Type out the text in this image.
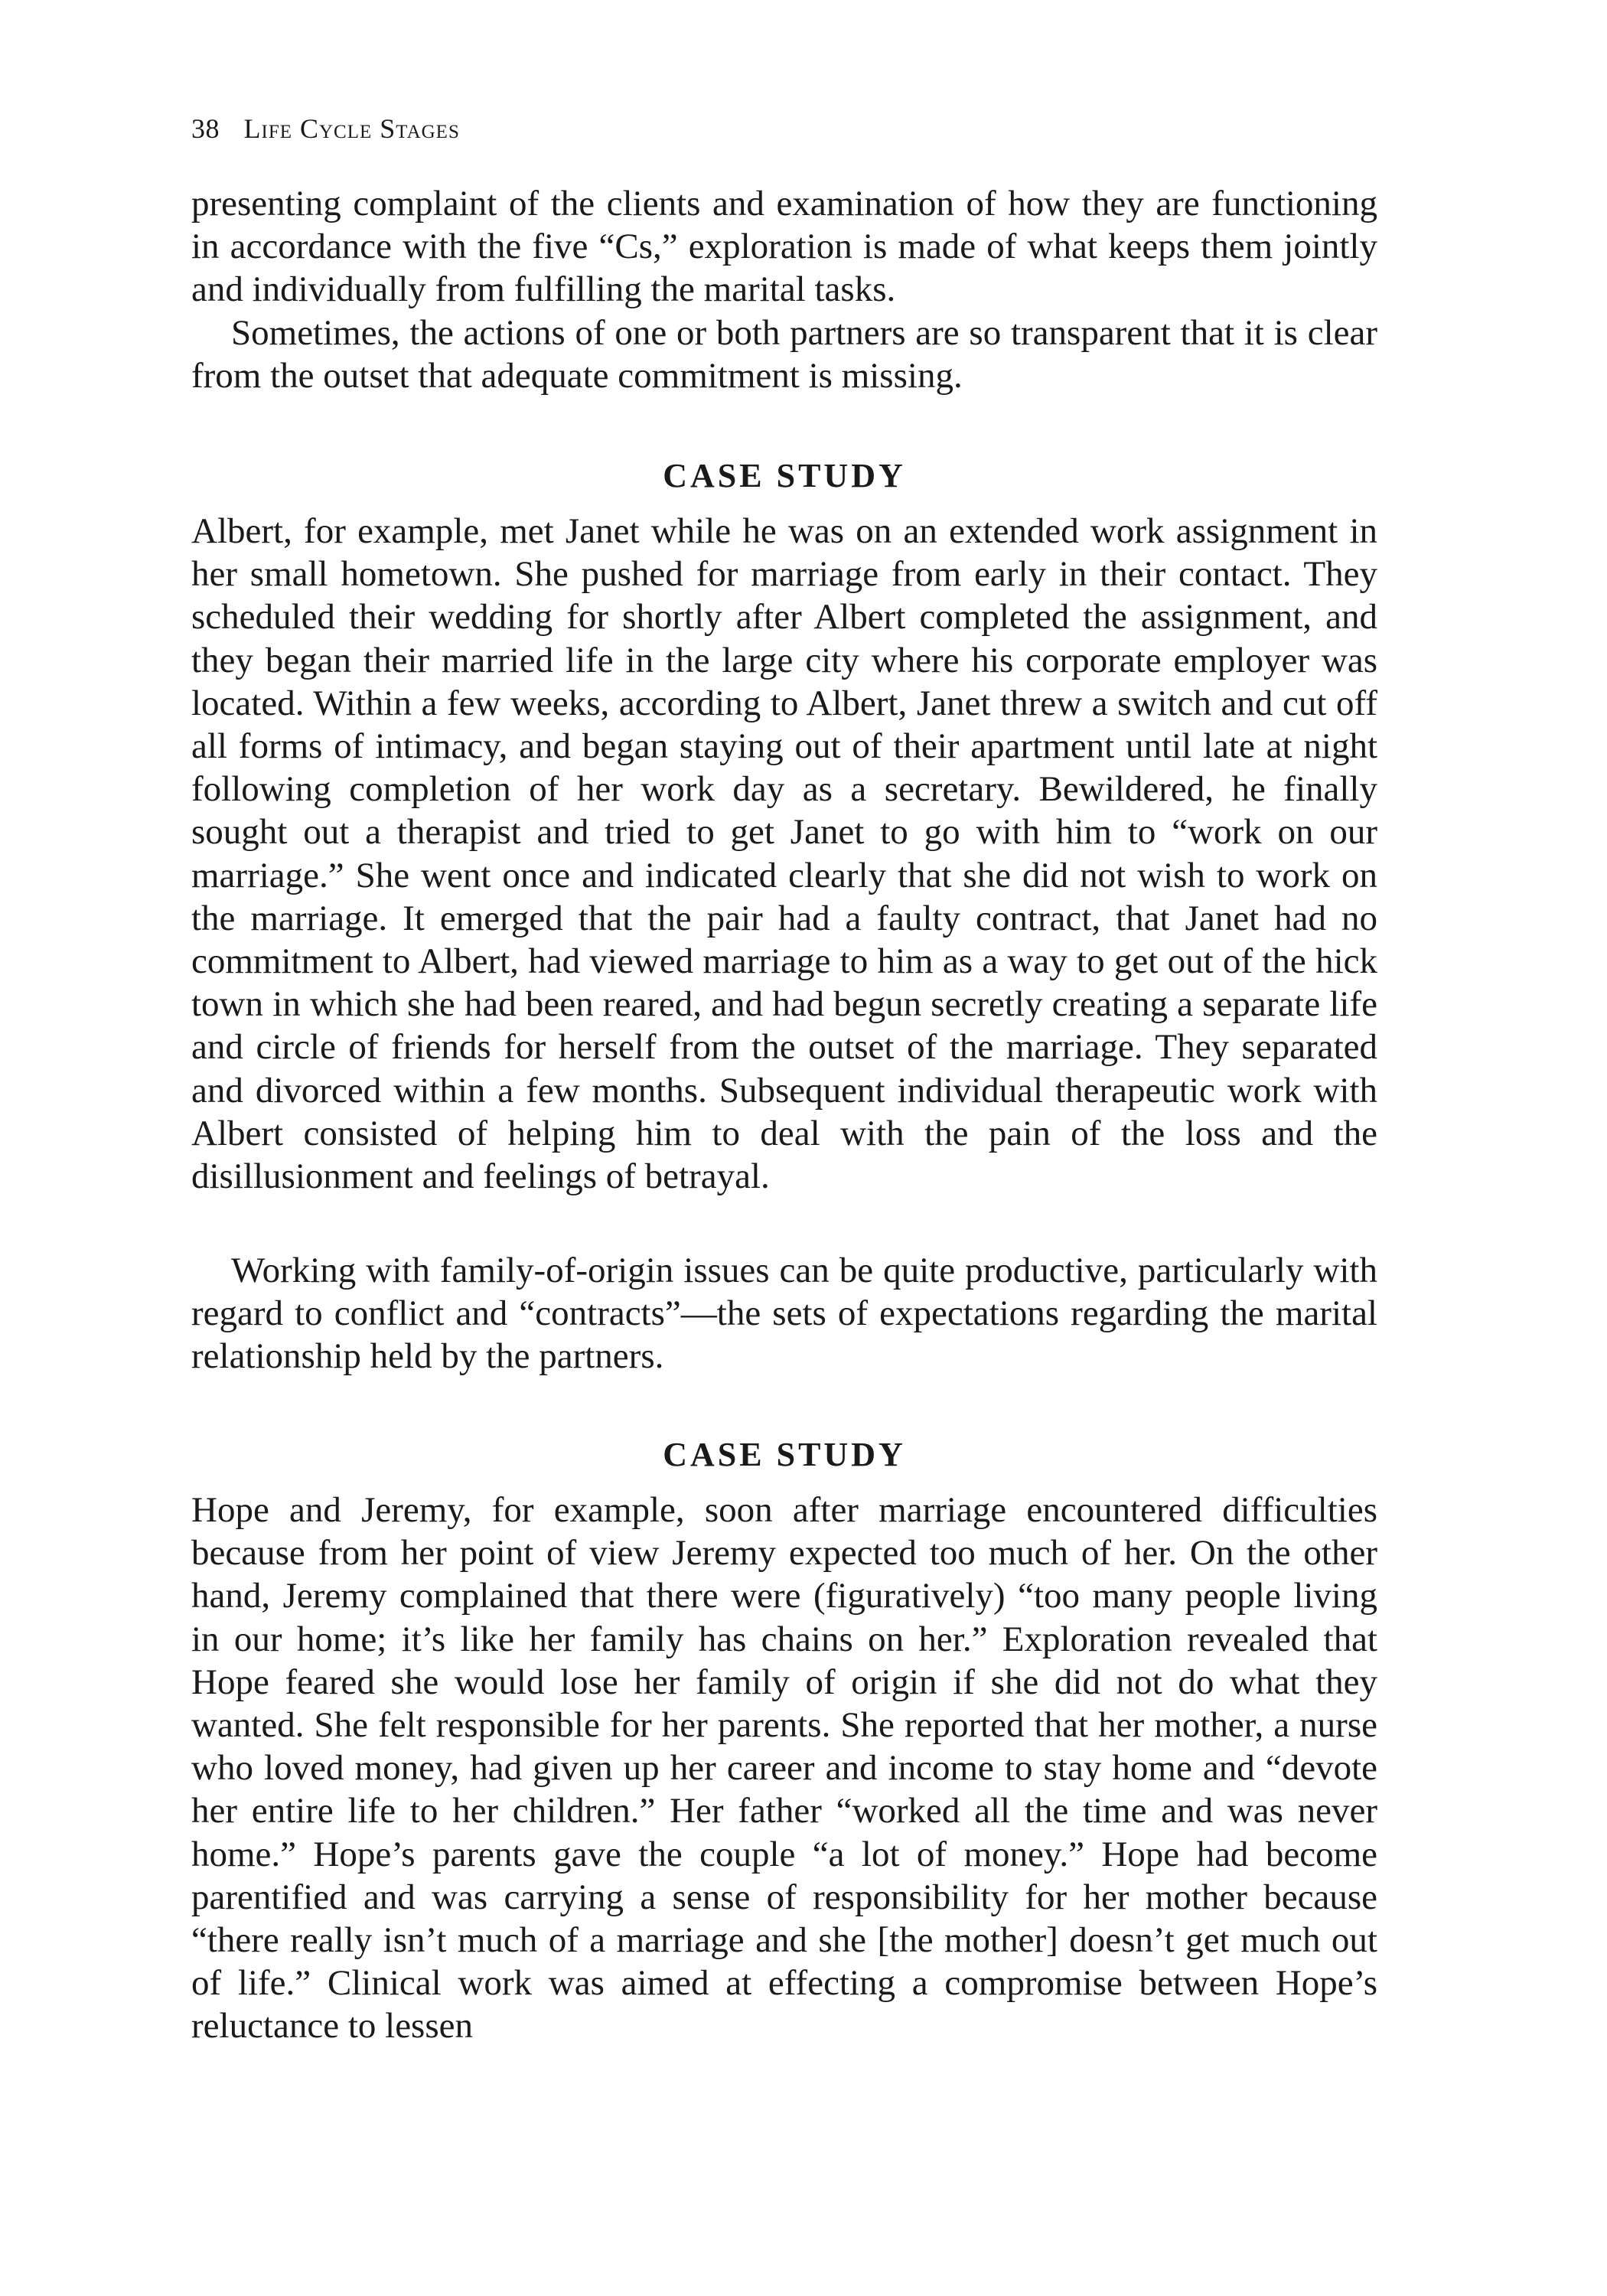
38 Life Cycle Stages

presenting complaint of the clients and examination of how they are functioning in accordance with the five “Cs,” exploration is made of what keeps them jointly and individually from fulfilling the marital tasks.

Sometimes, the actions of one or both partners are so transparent that it is clear from the outset that adequate commitment is missing.

CASE STUDY

Albert, for example, met Janet while he was on an extended work assignment in her small hometown. She pushed for marriage from early in their contact. They scheduled their wedding for shortly after Albert completed the assignment, and they began their married life in the large city where his corporate employer was located. Within a few weeks, according to Albert, Janet threw a switch and cut off all forms of intimacy, and began staying out of their apartment until late at night following completion of her work day as a secretary. Bewildered, he finally sought out a therapist and tried to get Janet to go with him to “work on our marriage.” She went once and indicated clearly that she did not wish to work on the marriage. It emerged that the pair had a faulty contract, that Janet had no commitment to Albert, had viewed marriage to him as a way to get out of the hick town in which she had been reared, and had begun secretly creating a separate life and circle of friends for herself from the outset of the marriage. They separated and divorced within a few months. Subsequent individual therapeutic work with Albert consisted of helping him to deal with the pain of the loss and the disillusionment and feelings of betrayal.

Working with family-of-origin issues can be quite productive, particularly with regard to conflict and “contracts”—the sets of expectations regarding the marital relationship held by the partners.

CASE STUDY

Hope and Jeremy, for example, soon after marriage encountered difficulties because from her point of view Jeremy expected too much of her. On the other hand, Jeremy complained that there were (figuratively) “too many people living in our home; it’s like her family has chains on her.” Exploration revealed that Hope feared she would lose her family of origin if she did not do what they wanted. She felt responsible for her parents. She reported that her mother, a nurse who loved money, had given up her career and income to stay home and “devote her entire life to her children.” Her father “worked all the time and was never home.” Hope’s parents gave the couple “a lot of money.” Hope had become parentified and was carrying a sense of responsibility for her mother because “there really isn’t much of a marriage and she [the mother] doesn’t get much out of life.” Clinical work was aimed at effecting a compromise between Hope’s reluctance to lessen
